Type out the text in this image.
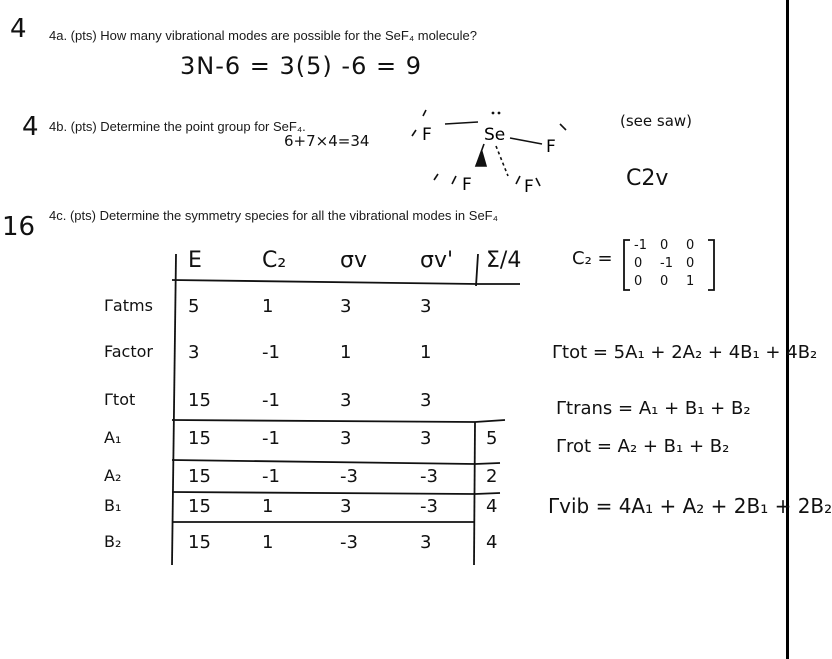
4
4
16
4a. (pts) How many vibrational modes are possible for the SeF₄ molecule?
4b. (pts) Determine the point group for SeF₄.
4c. (pts) Determine the symmetry species for all the vibrational modes in SeF₄
3N-6 = 3(5) -6 = 9
6+7×4=34
(see saw)
C2v
F	Se
F
F	F
E	C₂ σv σv' Σ/4
Γatms 5	1	3	3
Factor 3	-1	1	1
Γtot	15	-1	3	3
A₁	15	-1	3	3	5
A₂	15	-1	-3	-3	2
B₁	15	1	3	-3	4
B₂	15	1	-3	3	4
C₂ =
-1 0 0
0 -1 0
0 0 1
Γtot = 5A₁ + 2A₂ + 4B₁ + 4B₂
Γtrans = A₁ + B₁ + B₂
Γrot = A₂ + B₁ + B₂
Γvib = 4A₁ + A₂ + 2B₁ + 2B₂
